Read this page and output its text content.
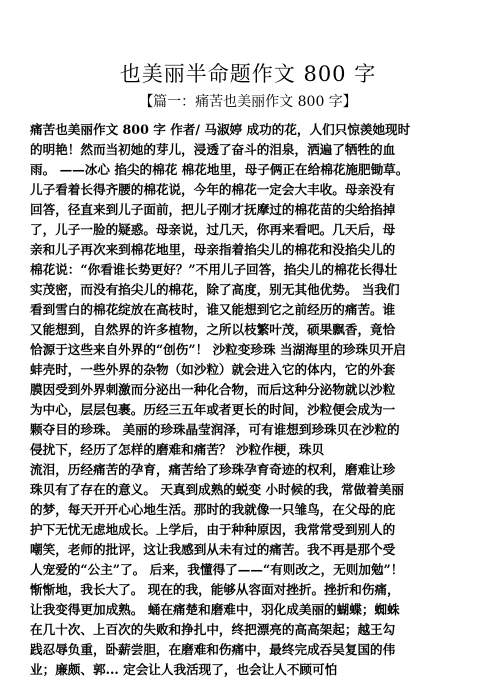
也美丽半命题作文 800 字
【篇一：痛苦也美丽作文 800 字】
痛苦也美丽作文 800 字 作者/ 马淑婷 成功的花，人们只惊羡她现时
的明艳！然而当初她的芽儿，浸透了奋斗的泪泉，洒遍了牺牲的血
雨。 ——冰心 掐尖的棉花 棉花地里，母子俩正在给棉花施肥锄草。
儿子看着长得齐腰的棉花说，今年的棉花一定会大丰收。母亲没有
回答，径直来到儿子面前，把儿子刚才抚摩过的棉花苗的尖给掐掉
了，儿子一脸的疑惑。母亲说，过几天，你再来看吧。几天后，母
亲和儿子再次来到棉花地里，母亲指着掐尖儿的棉花和没掐尖儿的
棉花说：“你看谁长势更好？”不用儿子回答，掐尖儿的棉花长得壮
实茂密，而没有掐尖儿的棉花，除了高度，别无其他优势。 当我们
看到雪白的棉花绽放在高枝时，谁又能想到它之前经历的痛苦。谁
又能想到，自然界的许多植物，之所以枝繁叶茂，硕果飘香，竟恰
恰源于这些来自外界的“创伤”！ 沙粒变珍珠 当湖海里的珍珠贝开启
蚌壳时，一些外界的杂物（如沙粒）就会进入它的体内，它的外套
膜因受到外界刺激而分泌出一种化合物，而后这种分泌物就以沙粒
为中心，层层包裹。历经三五年或者更长的时间，沙粒便会成为一
颗夺目的珍珠。 美丽的珍珠晶莹润泽，可有谁想到珍珠贝在沙粒的
侵扰下，经历了怎样的磨难和痛苦？ 沙粒作梗，珠贝
流泪，历经痛苦的孕育，痛苦给了珍珠孕育奇迹的权利，磨难让珍
珠贝有了存在的意义。 天真到成熟的蜕变 小时候的我，常做着美丽
的梦，每天开开心心地生活。那时的我就像一只雏鸟，在父母的庇
护下无忧无虑地成长。上学后，由于种种原因，我常常受到别人的
嘲笑，老师的批评，这让我感到从未有过的痛苦。我不再是那个受
人宠爱的“公主”了。 后来，我懂得了——“有则改之，无则加勉”！
惭惭地，我长大了。 现在的我，能够从容面对挫折。挫折和伤痛，
让我变得更加成熟。 蛹在痛楚和磨难中，羽化成美丽的蝴蝶；蜘蛛
在几十次、上百次的失败和挣扎中，终把漂亮的高高架起；越王勾
践忍辱负重，卧薪尝胆，在磨难和伤痛中，最终完成吞吴复国的伟
业；廉颇、郭... 定会让人我活现了，也会让人不顾可怕
